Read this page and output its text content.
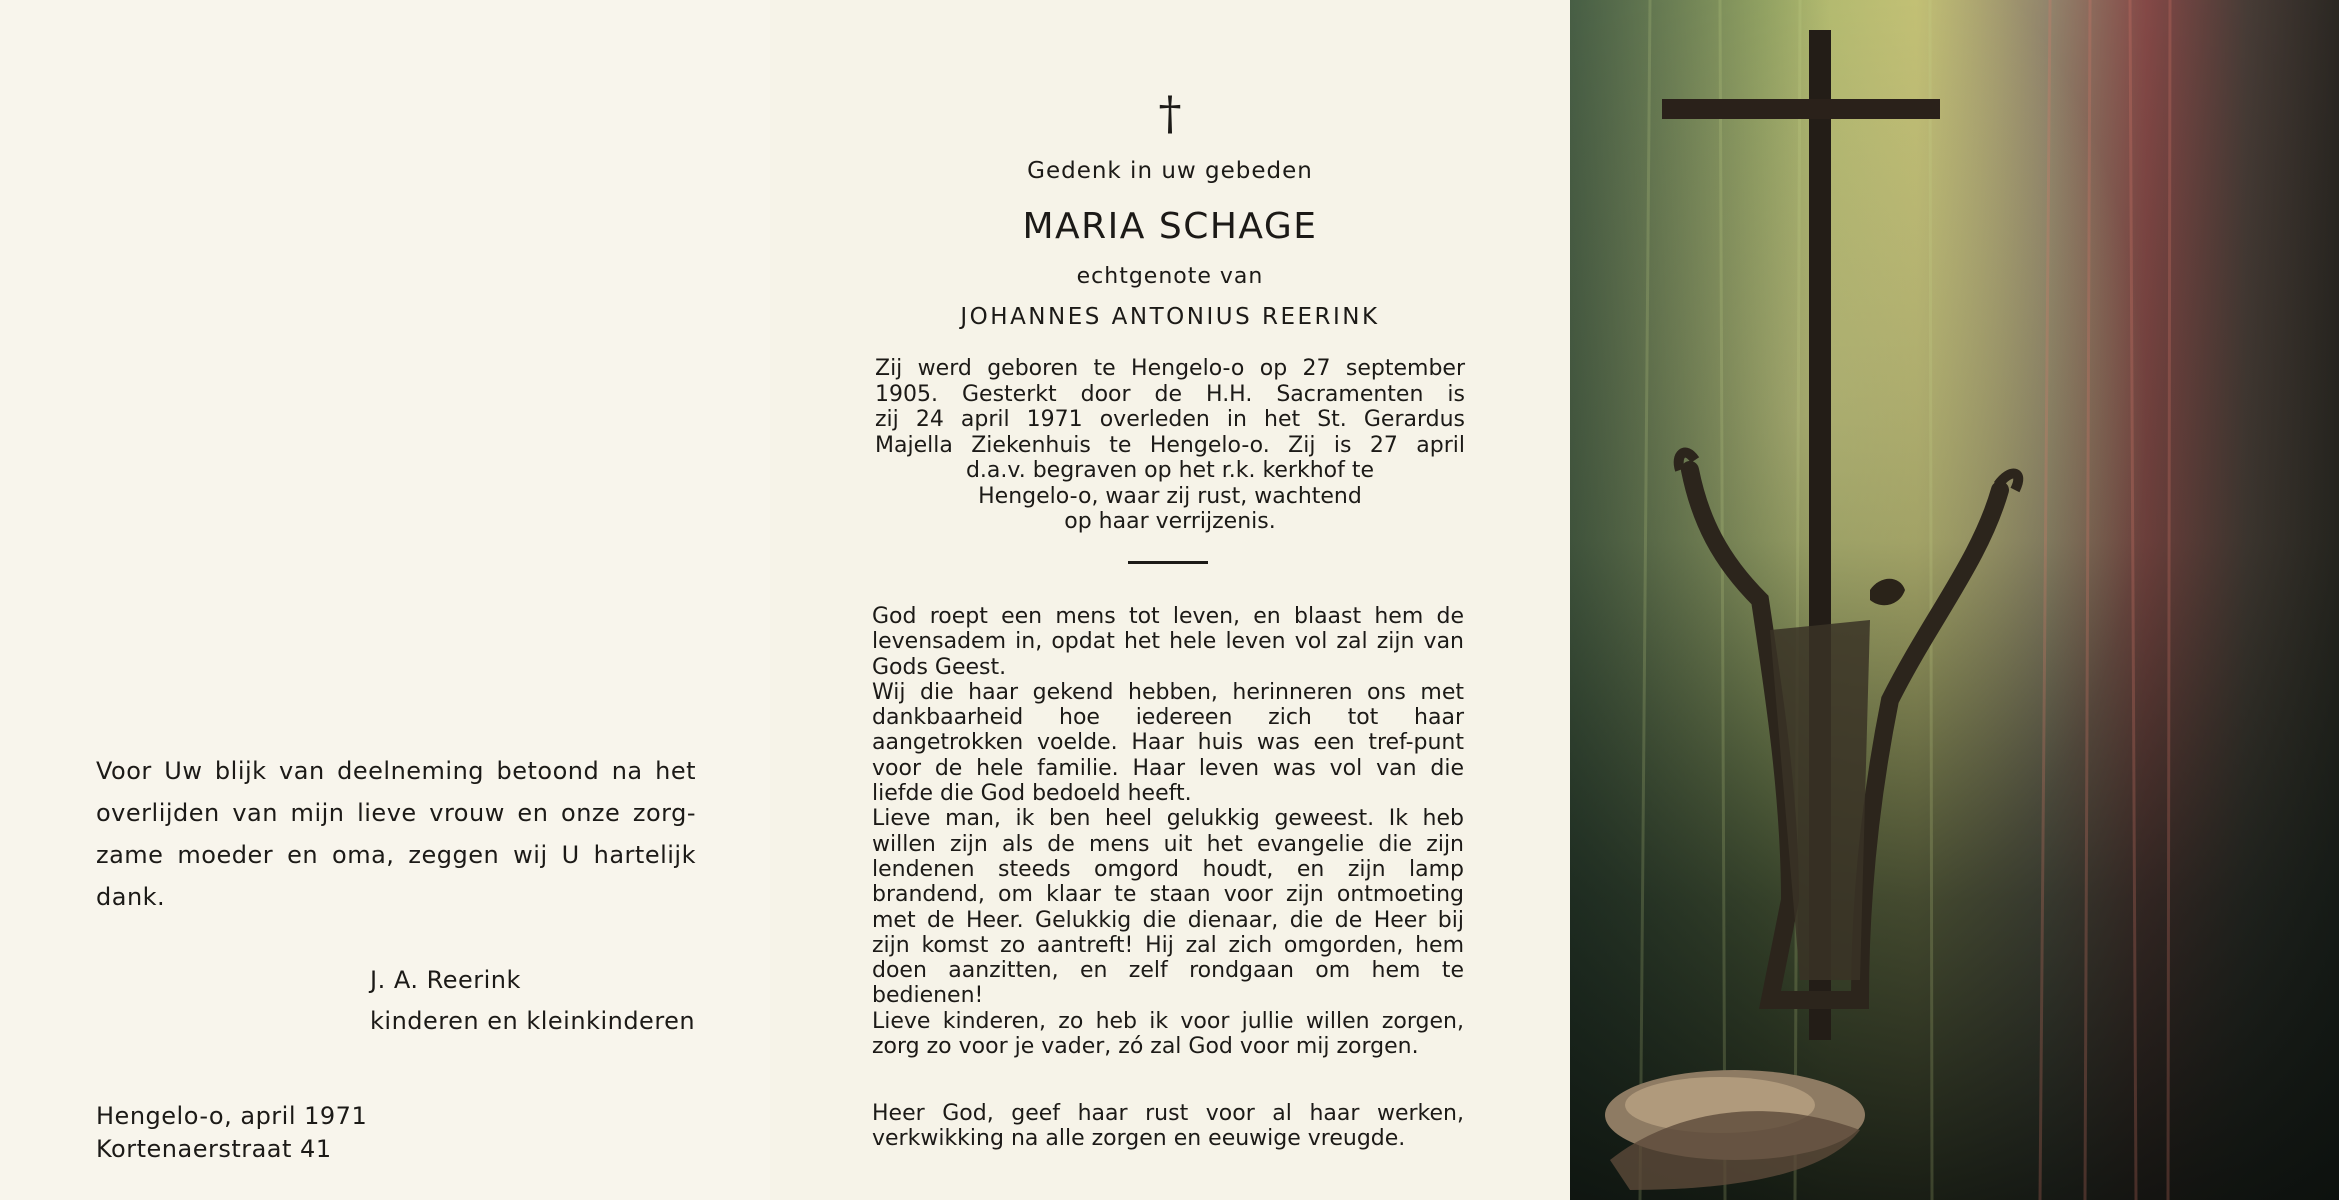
Voor Uw blijk van deelneming betoond na het overlijden van mijn lieve vrouw en onze zorg-zame moeder en oma, zeggen wij U hartelijk dank.
J. A. Reerink
kinderen en kleinkinderen
Hengelo-o, april 1971
Kortenaerstraat 41
†
Gedenk in uw gebeden
MARIA SCHAGE
echtgenote van
JOHANNES ANTONIUS REERINK
Zij werd geboren te Hengelo-o op 27 september
1905. Gesterkt door de H.H. Sacramenten is
zij 24 april 1971 overleden in het St. Gerardus
Majella Ziekenhuis te Hengelo-o. Zij is 27 april
d.a.v. begraven op het r.k. kerkhof te
Hengelo-o, waar zij rust, wachtend
op haar verrijzenis.
God roept een mens tot leven, en blaast hem de levensadem in, opdat het hele leven vol zal zijn van Gods Geest.
Wij die haar gekend hebben, herinneren ons met dankbaarheid hoe iedereen zich tot haar aangetrokken voelde. Haar huis was een tref-punt voor de hele familie. Haar leven was vol van die liefde die God bedoeld heeft.
Lieve man, ik ben heel gelukkig geweest. Ik heb willen zijn als de mens uit het evangelie die zijn lendenen steeds omgord houdt, en zijn lamp brandend, om klaar te staan voor zijn ontmoeting met de Heer. Gelukkig die dienaar, die de Heer bij zijn komst zo aantreft! Hij zal zich omgorden, hem doen aanzitten, en zelf rondgaan om hem te bedienen!
Lieve kinderen, zo heb ik voor jullie willen zorgen, zorg zo voor je vader, zó zal God voor mij zorgen.
Heer God, geef haar rust voor al haar werken, verkwikking na alle zorgen en eeuwige vreugde.
